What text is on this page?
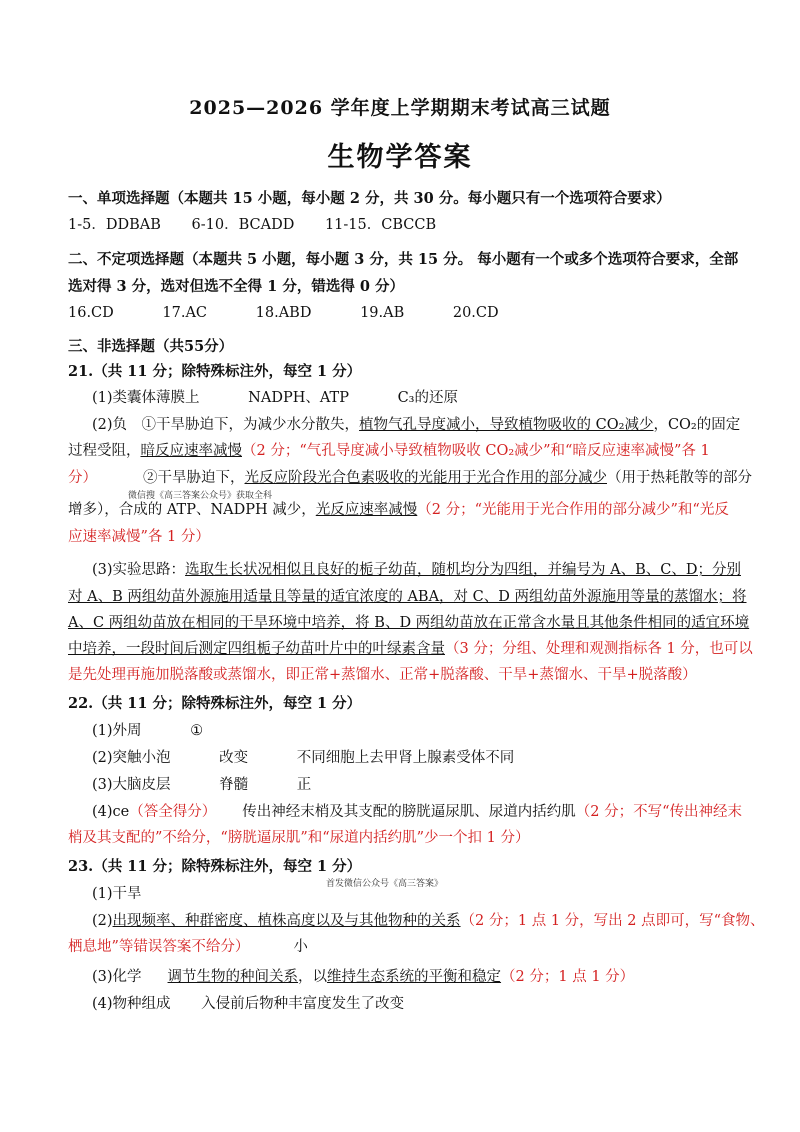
2025—2026 学年度上学期期末考试高三试题
生物学答案
一、单项选择题（本题共 15 小题，每小题 2 分，共 30 分。每小题只有一个选项符合要求）
1-5．DDBAB 6-10．BCADD 11-15．CBCCB
二、不定项选择题（本题共 5 小题，每小题 3 分，共 15 分。 每小题有一个或多个选项符合要求，全部
选对得 3 分，选对但选不全得 1 分，错选得 0 分）
16.CD	17.AC	18.ABD	19.AB	20.CD
三、非选择题（共55分）
21.（共 11 分；除特殊标注外，每空 1 分）
(1)类囊体薄膜上	NADPH、ATP	C₃的还原
(2)负　①干旱胁迫下，为减少水分散失，植物气孔导度减小，导致植物吸收的 CO₂减少，CO₂的固定
过程受阻，暗反应速率减慢（2 分；“气孔导度减小导致植物吸收 CO₂减少”和“暗反应速率减慢”各 1
分）	②干旱胁迫下，光反应阶段光合色素吸收的光能用于光合作用的部分减少（用于热耗散等的部分
微信搜《高三答案公众号》获取全科
增多），合成的 ATP、NADPH 减少，光反应速率减慢（2 分；“光能用于光合作用的部分减少”和“光反
应速率减慢”各 1 分）
(3)实验思路：选取生长状况相似且良好的栀子幼苗，随机均分为四组，并编号为 A、B、C、D；分别
对 A、B 两组幼苗外源施用适量且等量的适宜浓度的 ABA，对 C、D 两组幼苗外源施用等量的蒸馏水；将
A、C 两组幼苗放在相同的干旱环境中培养，将 B、D 两组幼苗放在正常含水量且其他条件相同的适宜环境
中培养，一段时间后测定四组栀子幼苗叶片中的叶绿素含量（3 分；分组、处理和观测指标各 1 分，也可以
是先处理再施加脱落酸或蒸馏水，即正常+蒸馏水、正常+脱落酸、干旱+蒸馏水、干旱+脱落酸）
22.（共 11 分；除特殊标注外，每空 1 分）
(1)外周	①
(2)突触小泡	改变	不同细胞上去甲肾上腺素受体不同
(3)大脑皮层	脊髓	正
(4)ce（答全得分） 传出神经末梢及其支配的膀胱逼尿肌、尿道内括约肌（2 分；不写“传出神经末
梢及其支配的”不给分，“膀胱逼尿肌”和“尿道内括约肌”少一个扣 1 分）
23.（共 11 分；除特殊标注外，每空 1 分）
首发微信公众号《高三答案》
(1)干旱
(2)出现频率、种群密度、植株高度以及与其他物种的关系（2 分；1 点 1 分，写出 2 点即可，写“食物、
栖息地”等错误答案不给分）	小
(3)化学 调节生物的种间关系，以维持生态系统的平衡和稳定（2 分；1 点 1 分）
(4)物种组成 入侵前后物种丰富度发生了改变
